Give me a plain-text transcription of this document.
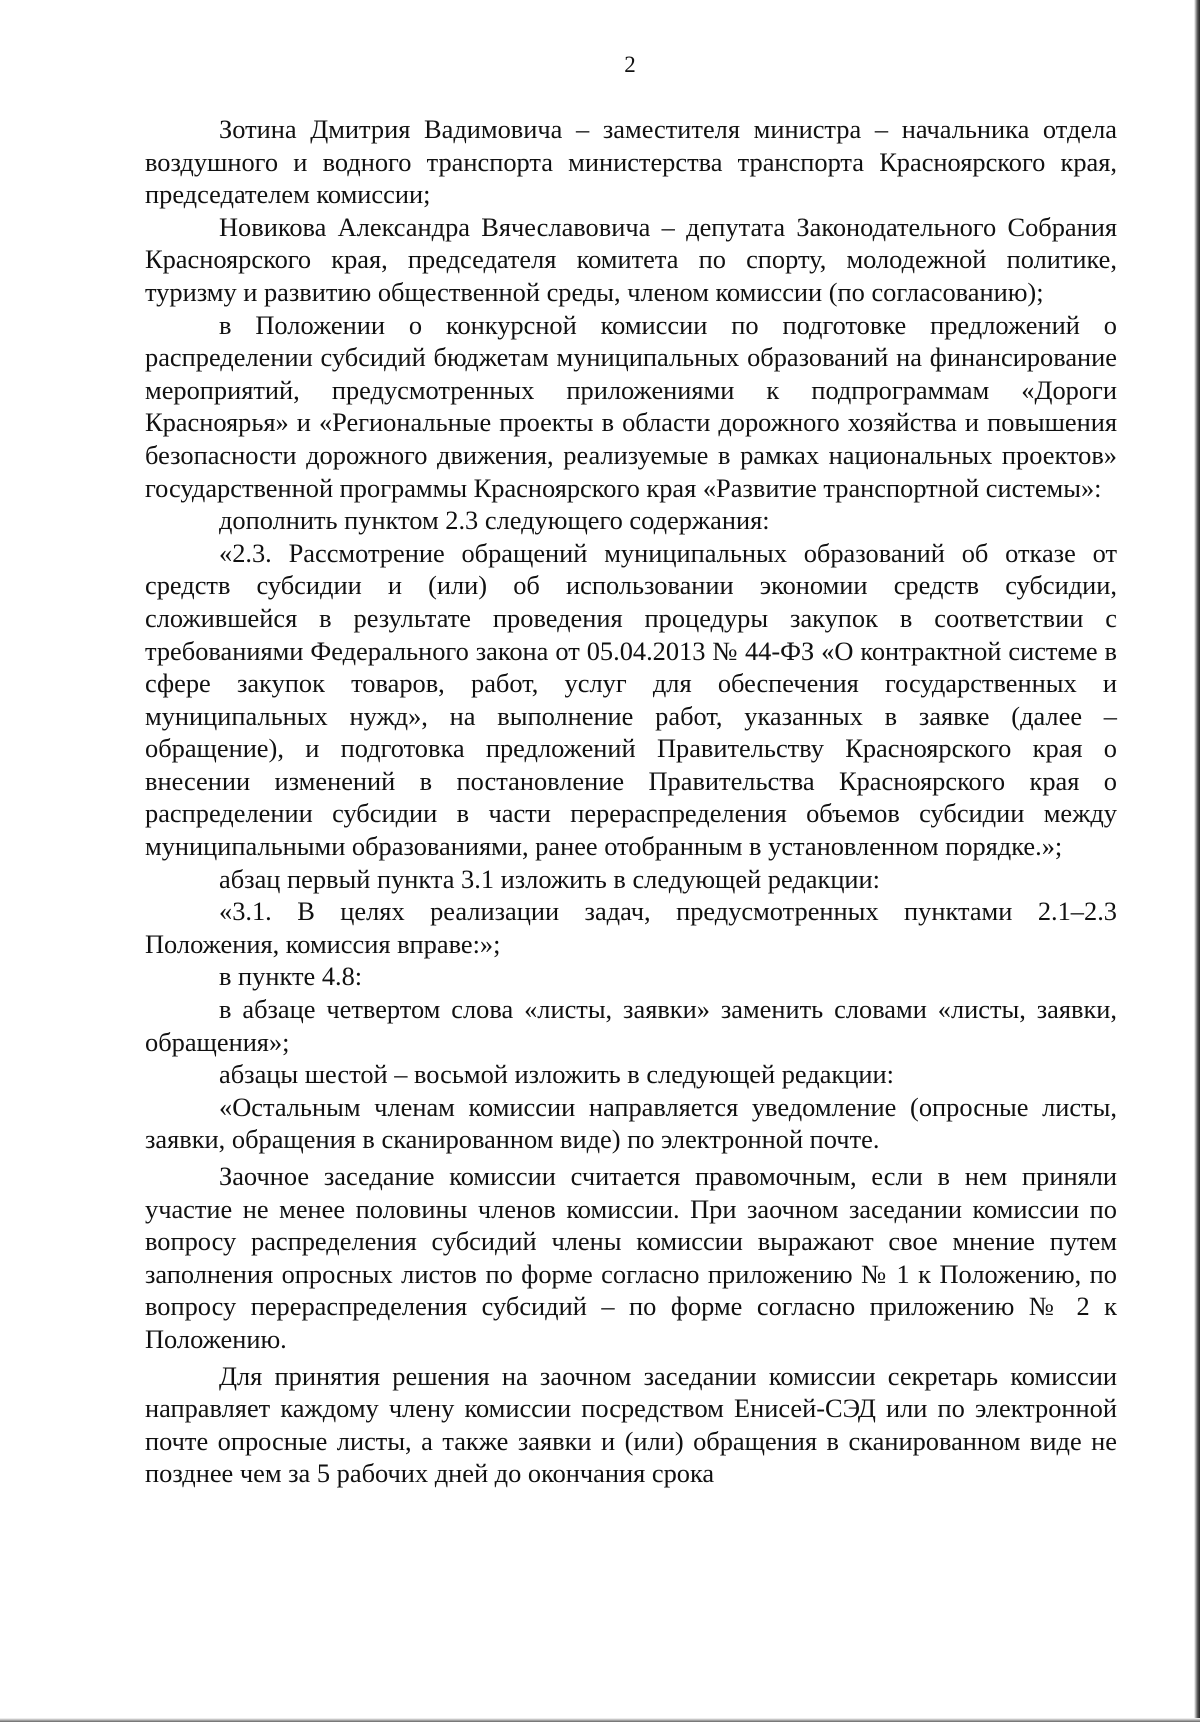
2

Зотина Дмитрия Вадимовича – заместителя министра – начальника отдела воздушного и водного транспорта министерства транспорта Красноярского края, председателем комиссии;

Новикова Александра Вячеславовича – депутата Законодательного Собрания Красноярского края, председателя комитета по спорту, молодежной политике, туризму и развитию общественной среды, членом комиссии (по согласованию);

в Положении о конкурсной комиссии по подготовке предложений о распределении субсидий бюджетам муниципальных образований на финансирование мероприятий, предусмотренных приложениями к подпрограммам «Дороги Красноярья» и «Региональные проекты в области дорожного хозяйства и повышения безопасности дорожного движения, реализуемые в рамках национальных проектов» государственной программы Красноярского края «Развитие транспортной системы»:

дополнить пунктом 2.3 следующего содержания:

«2.3. Рассмотрение обращений муниципальных образований об отказе от средств субсидии и (или) об использовании экономии средств субсидии, сложившейся в результате проведения процедуры закупок в соответствии с требованиями Федерального закона от 05.04.2013 № 44-ФЗ «О контрактной системе в сфере закупок товаров, работ, услуг для обеспечения государственных и муниципальных нужд», на выполнение работ, указанных в заявке (далее – обращение), и подготовка предложений Правительству Красноярского края о внесении изменений в постановление Правительства Красноярского края о распределении субсидии в части перераспределения объемов субсидии между муниципальными образованиями, ранее отобранным в установленном порядке.»;

абзац первый пункта 3.1 изложить в следующей редакции:

«3.1. В целях реализации задач, предусмотренных пунктами 2.1–2.3 Положения, комиссия вправе:»;

в пункте 4.8:

в абзаце четвертом слова «листы, заявки» заменить словами «листы, заявки, обращения»;

абзацы шестой – восьмой изложить в следующей редакции:

«Остальным членам комиссии направляется уведомление (опросные листы, заявки, обращения в сканированном виде) по электронной почте.

Заочное заседание комиссии считается правомочным, если в нем приняли участие не менее половины членов комиссии. При заочном заседании комиссии по вопросу распределения субсидий члены комиссии выражают свое мнение путем заполнения опросных листов по форме согласно приложению № 1 к Положению, по вопросу перераспределения субсидий – по форме согласно приложению № 2 к Положению.

Для принятия решения на заочном заседании комиссии секретарь комиссии направляет каждому члену комиссии посредством Енисей-СЭД или по электронной почте опросные листы, а также заявки и (или) обращения в сканированном виде не позднее чем за 5 рабочих дней до окончания срока
